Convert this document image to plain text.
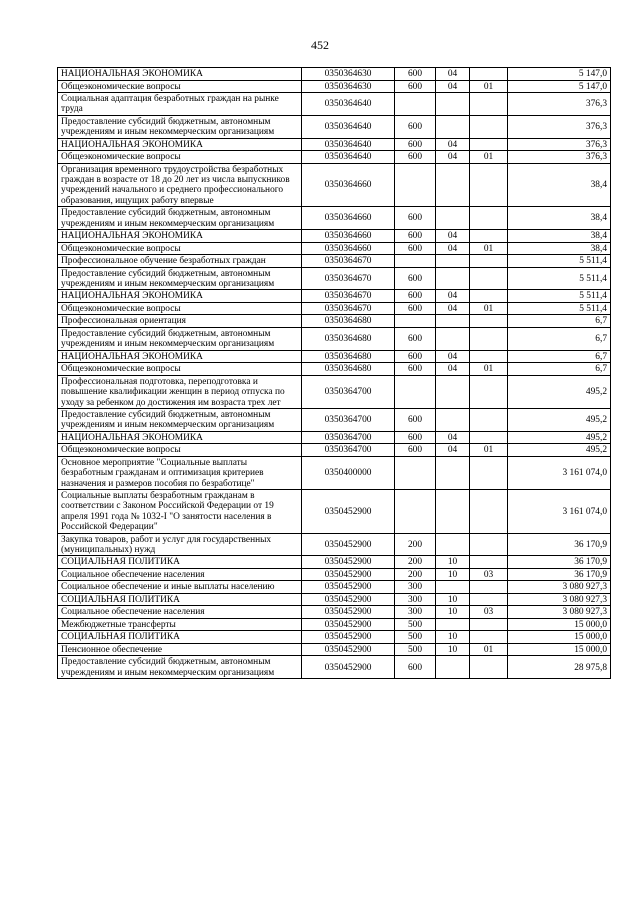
452
НАЦИОНАЛЬНАЯ ЭКОНОМИКА	0350364630	600	04		5 147,0
Общеэкономические вопросы	0350364630	600	04	01	5 147,0
Социальная адаптация безработных граждан на рынке труда	0350364640				376,3
Предоставление субсидий бюджетным, автономным учреждениям и иным некоммерческим организациям	0350364640	600			376,3
НАЦИОНАЛЬНАЯ ЭКОНОМИКА	0350364640	600	04		376,3
Общеэкономические вопросы	0350364640	600	04	01	376,3
Организация временного трудоустройства безработных граждан в возрасте от 18 до 20 лет из числа выпускников учреждений начального и среднего профессионального образования, ищущих работу впервые	0350364660				38,4
Предоставление субсидий бюджетным, автономным учреждениям и иным некоммерческим организациям	0350364660	600			38,4
НАЦИОНАЛЬНАЯ ЭКОНОМИКА	0350364660	600	04		38,4
Общеэкономические вопросы	0350364660	600	04	01	38,4
Профессиональное обучение безработных граждан	0350364670				5 511,4
Предоставление субсидий бюджетным, автономным учреждениям и иным некоммерческим организациям	0350364670	600			5 511,4
НАЦИОНАЛЬНАЯ ЭКОНОМИКА	0350364670	600	04		5 511,4
Общеэкономические вопросы	0350364670	600	04	01	5 511,4
Профессиональная ориентация	0350364680				6,7
Предоставление субсидий бюджетным, автономным учреждениям и иным некоммерческим организациям	0350364680	600			6,7
НАЦИОНАЛЬНАЯ ЭКОНОМИКА	0350364680	600	04		6,7
Общеэкономические вопросы	0350364680	600	04	01	6,7
Профессиональная подготовка, переподготовка и повышение квалификации женщин в период отпуска по уходу за ребенком до достижения им возраста трех лет	0350364700				495,2
Предоставление субсидий бюджетным, автономным учреждениям и иным некоммерческим организациям	0350364700	600			495,2
НАЦИОНАЛЬНАЯ ЭКОНОМИКА	0350364700	600	04		495,2
Общеэкономические вопросы	0350364700	600	04	01	495,2
Основное мероприятие "Социальные выплаты безработным гражданам и оптимизация критериев назначения и размеров пособия по безработице"	0350400000				3 161 074,0
Социальные выплаты безработным гражданам в соответствии с Законом Российской Федерации от 19 апреля 1991 года № 1032-I "О занятости населения в Российской Федерации"	0350452900				3 161 074,0
Закупка товаров, работ и услуг для государственных (муниципальных) нужд	0350452900	200			36 170,9
СОЦИАЛЬНАЯ ПОЛИТИКА	0350452900	200	10		36 170,9
Социальное обеспечение населения	0350452900	200	10	03	36 170,9
Социальное обеспечение и иные выплаты населению	0350452900	300			3 080 927,3
СОЦИАЛЬНАЯ ПОЛИТИКА	0350452900	300	10		3 080 927,3
Социальное обеспечение населения	0350452900	300	10	03	3 080 927,3
Межбюджетные трансферты	0350452900	500			15 000,0
СОЦИАЛЬНАЯ ПОЛИТИКА	0350452900	500	10		15 000,0
Пенсионное обеспечение	0350452900	500	10	01	15 000,0
Предоставление субсидий бюджетным, автономным учреждениям и иным некоммерческим организациям	0350452900	600			28 975,8
